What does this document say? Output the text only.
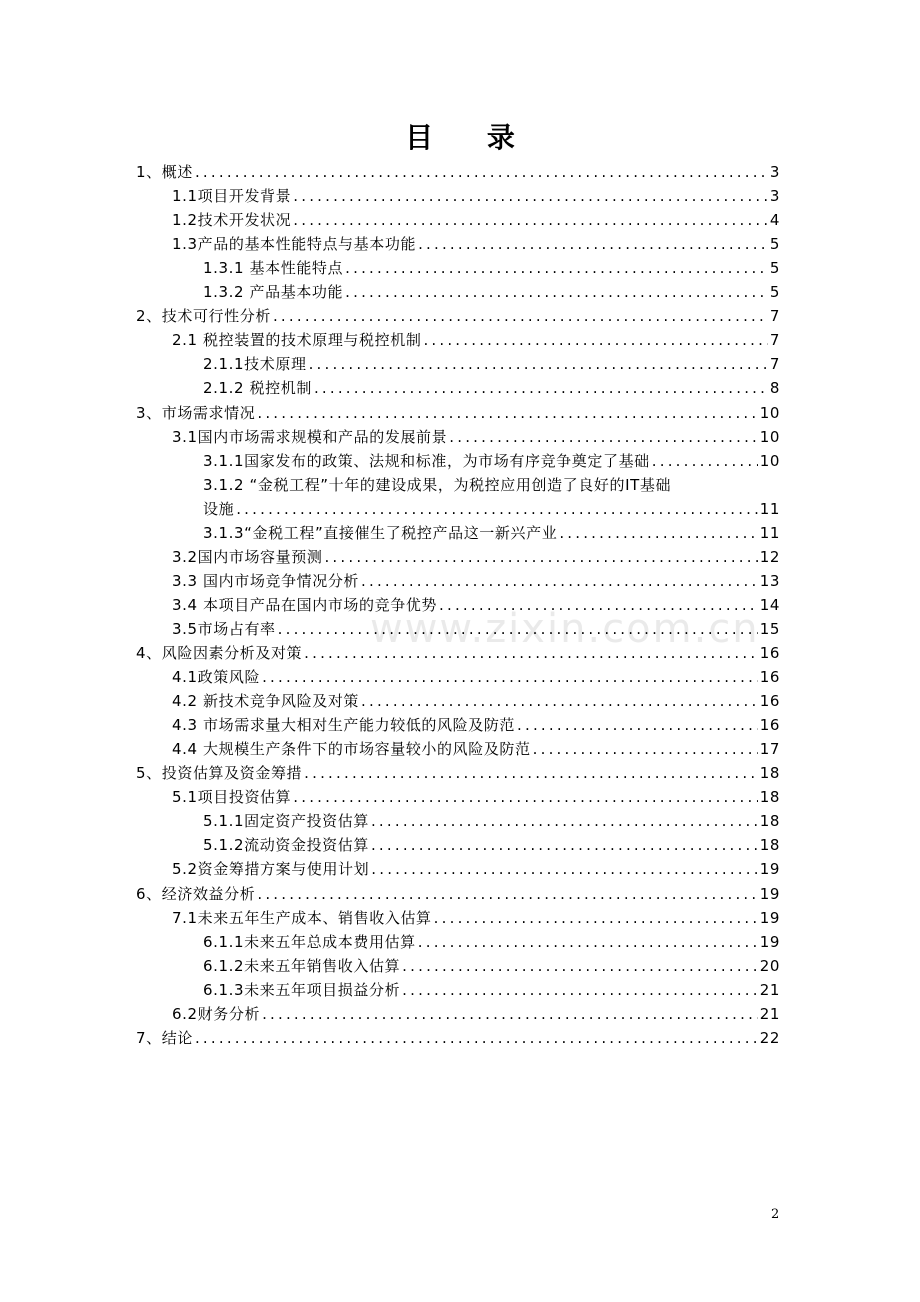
目 录
www.zixin.com.cn
1、概述 .....	3
1.1项目开发背景 .....	3
1.2技术开发状况 .....	4
1.3产品的基本性能特点与基本功能 .....	5
1.3.1 基本性能特点 .....	5
1.3.2 产品基本功能 .....	5
2、技术可行性分析 .....	7
2.1 税控装置的技术原理与税控机制 .....	7
2.1.1技术原理 .....	7
2.1.2 税控机制 .....	8
3、市场需求情况 .....	10
3.1国内市场需求规模和产品的发展前景 .....	10
3.1.1国家发布的政策、法规和标准，为市场有序竞争奠定了基础 .....	10
3.1.2 “金税工程”十年的建设成果，为税控应用创造了良好的IT基础
设施 .....	11
3.1.3“金税工程”直接催生了税控产品这一新兴产业 .....	11
3.2国内市场容量预测 .....	12
3.3 国内市场竞争情况分析 .....	13
3.4 本项目产品在国内市场的竞争优势 .....	14
3.5市场占有率 .....	15
4、风险因素分析及对策 .....	16
4.1政策风险 .....	16
4.2 新技术竞争风险及对策 .....	16
4.3 市场需求量大相对生产能力较低的风险及防范 .....	16
4.4 大规模生产条件下的市场容量较小的风险及防范 .....	17
5、投资估算及资金筹措 .....	18
5.1项目投资估算 .....	18
5.1.1固定资产投资估算 .....	18
5.1.2流动资金投资估算 .....	18
5.2资金筹措方案与使用计划 .....	19
6、经济效益分析 .....	19
7.1未来五年生产成本、销售收入估算 .....	19
6.1.1未来五年总成本费用估算 .....	19
6.1.2未来五年销售收入估算 .....	20
6.1.3未来五年项目损益分析 .....	21
6.2财务分析 .....	21
7、结论 .....	22
2
